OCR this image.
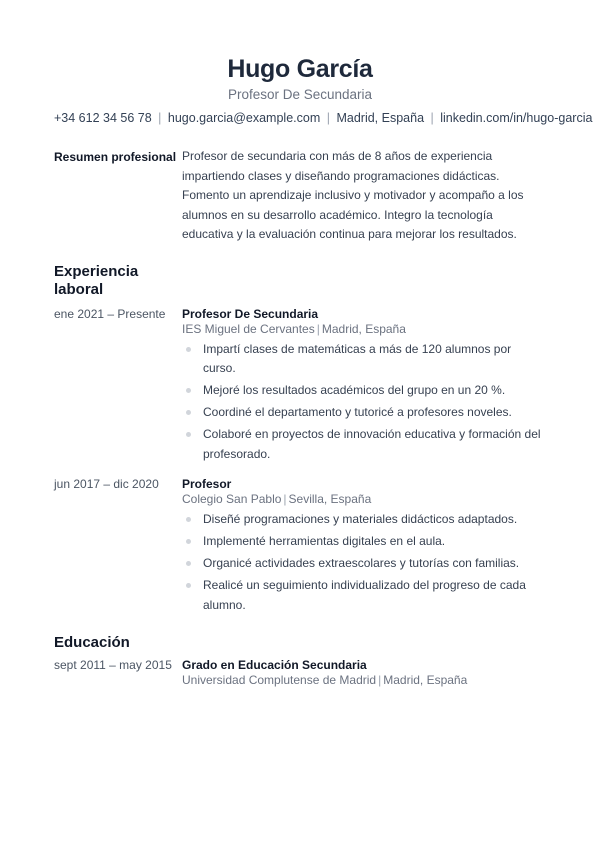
Hugo García
Profesor De Secundaria
+34 612 34 56 78 | hugo.garcia@example.com | Madrid, España | linkedin.com/in/hugo-garcia
Resumen profesional Profesor de secundaria con más de 8 años de experiencia impartiendo clases y diseñando programaciones didácticas. Fomento un aprendizaje inclusivo y motivador y acompaño a los alumnos en su desarrollo académico. Integro la tecnología educativa y la evaluación continua para mejorar los resultados.
Experiencia laboral
ene 2021 – Presente	Profesor De Secundaria
IES Miguel de Cervantes | Madrid, España
Impartí clases de matemáticas a más de 120 alumnos por curso.
Mejoré los resultados académicos del grupo en un 20 %.
Coordiné el departamento y tutoricé a profesores noveles.
Colaboré en proyectos de innovación educativa y formación del profesorado.
jun 2017 – dic 2020	Profesor
Colegio San Pablo | Sevilla, España
Diseñé programaciones y materiales didácticos adaptados.
Implementé herramientas digitales en el aula.
Organicé actividades extraescolares y tutorías con familias.
Realicé un seguimiento individualizado del progreso de cada alumno.
Educación
sept 2011 – may 2015 Grado en Educación Secundaria
Universidad Complutense de Madrid | Madrid, España
